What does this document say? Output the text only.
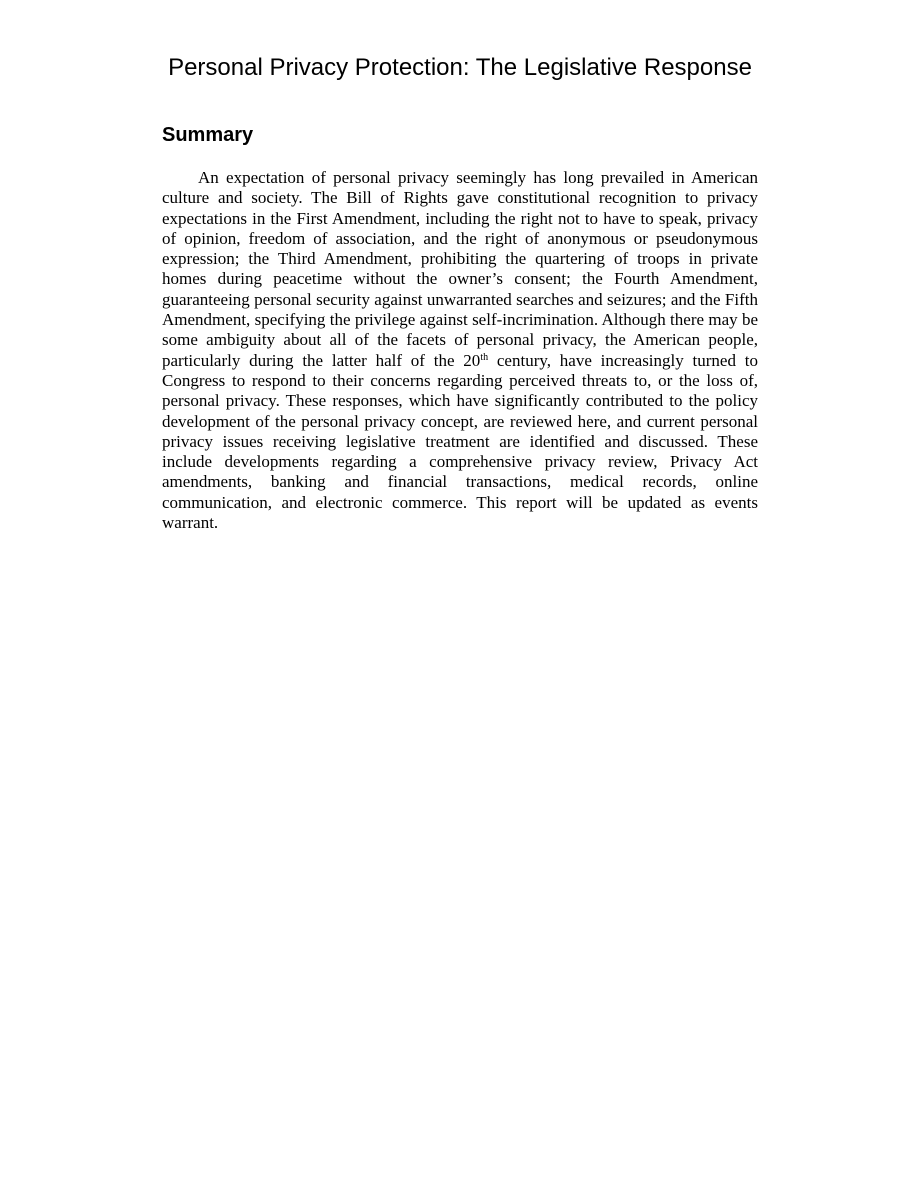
Personal Privacy Protection: The Legislative Response
Summary

An expectation of personal privacy seemingly has long prevailed in American culture and society. The Bill of Rights gave constitutional recognition to privacy expectations in the First Amendment, including the right not to have to speak, privacy of opinion, freedom of association, and the right of anonymous or pseudonymous expression; the Third Amendment, prohibiting the quartering of troops in private homes during peacetime without the owner’s consent; the Fourth Amendment, guaranteeing personal security against unwarranted searches and seizures; and the Fifth Amendment, specifying the privilege against self-incrimination. Although there may be some ambiguity about all of the facets of personal privacy, the American people, particularly during the latter half of the 20th century, have increasingly turned to Congress to respond to their concerns regarding perceived threats to, or the loss of, personal privacy. These responses, which have significantly contributed to the policy development of the personal privacy concept, are reviewed here, and current personal privacy issues receiving legislative treatment are identified and discussed. These include developments regarding a comprehensive privacy review, Privacy Act amendments, banking and financial transactions, medical records, online communication, and electronic commerce. This report will be updated as events warrant.
